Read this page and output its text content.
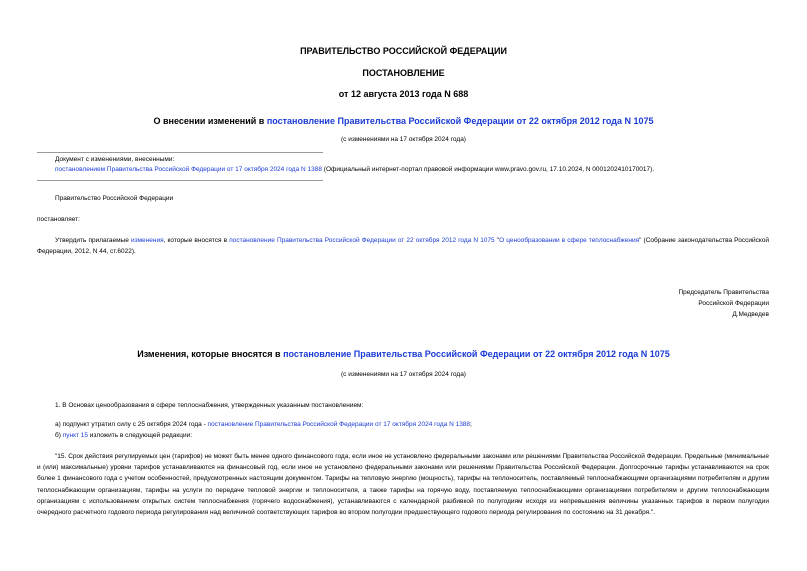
ПРАВИТЕЛЬСТВО РОССИЙСКОЙ ФЕДЕРАЦИИ
ПОСТАНОВЛЕНИЕ
от 12 августа 2013 года N 688
О внесении изменений в постановление Правительства Российской Федерации от 22 октября 2012 года N 1075
(с изменениями на 17 октября 2024 года)
Документ с изменениями, внесенными:
постановлением Правительства Российской Федерации от 17 октября 2024 года N 1388 (Официальный интернет-портал правовой информации www.pravo.gov.ru, 17.10.2024, N 0001202410170017).
Правительство Российской Федерации
постановляет:
Утвердить прилагаемые изменения, которые вносятся в постановление Правительства Российской Федерации от 22 октября 2012 года N 1075 "О ценообразовании в сфере теплоснабжения" (Собрание законодательства Российской Федерации, 2012, N 44, ст.6022).
Председатель Правительства
Российской Федерации
Д.Медведев
Изменения, которые вносятся в постановление Правительства Российской Федерации от 22 октября 2012 года N 1075
(с изменениями на 17 октября 2024 года)
1. В Основах ценообразования в сфере теплоснабжения, утвержденных указанным постановлением:
а) подпункт утратил силу с 25 октября 2024 года - постановление Правительства Российской Федерации от 17 октября 2024 года N 1388;
б) пункт 15 изложить в следующей редакции:
"15. Срок действия регулируемых цен (тарифов) не может быть менее одного финансового года, если иное не установлено федеральными законами или решениями Правительства Российской Федерации. Предельные (минимальные и (или) максимальные) уровни тарифов устанавливаются на финансовый год, если иное не установлено федеральными законами или решениями Правительства Российской Федерации. Долгосрочные тарифы устанавливаются на срок более 1 финансового года с учетом особенностей, предусмотренных настоящим документом. Тарифы на тепловую энергию (мощность), тарифы на теплоноситель, поставляемый теплоснабжающими организациями потребителям и другим теплоснабжающим организациям, тарифы на услуги по передаче тепловой энергии и теплоносителя, а также тарифы на горячую воду, поставляемую теплоснабжающими организациями потребителям и другим теплоснабжающим организациям с использованием открытых систем теплоснабжения (горячего водоснабжения), устанавливаются с календарной разбивкой по полугодиям исходя из непревышения величины указанных тарифов в первом полугодии очередного расчетного годового периода регулирования над величиной соответствующих тарифов во втором полугодии предшествующего годового периода регулирования по состоянию на 31 декабря.".
